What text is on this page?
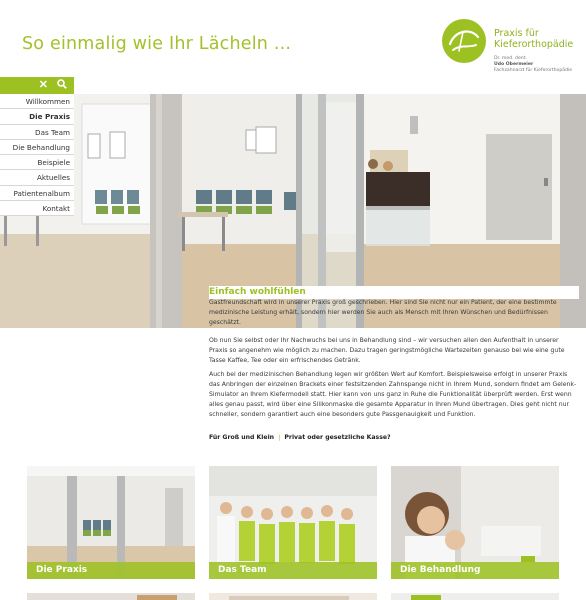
So einmalig wie Ihr Lächeln ...
Praxis für
Kieferorthopädie
Dr. med. dent.
Udo Obermeier
Fachzahnarzt für Kieferorthopädie
✕
Willkommen
Die Praxis
Das Team
Die Behandlung
Beispiele
Aktuelles
Patientenalbum
Kontakt
Einfach wohlfühlen

Gastfreundschaft wird in unserer Praxis groß geschrieben. Hier sind Sie nicht nur ein Patient, der eine bestimmte medizinische Leistung erhält, sondern hier werden Sie auch als Mensch mit Ihren Wünschen und Bedürfnissen geschätzt.

Ob nun Sie selbst oder Ihr Nachwuchs bei uns in Behandlung sind – wir versuchen allen den Aufenthalt in unserer Praxis so angenehm wie möglich zu machen. Dazu tragen geringstmögliche Wartezeiten genauso bei wie eine gute Tasse Kaffee, Tee oder ein erfrischendes Getränk.

Auch bei der medizinischen Behandlung legen wir größten Wert auf Komfort. Beispielsweise erfolgt in unserer Praxis das Anbringen der einzelnen Brackets einer festsitzenden Zahnspange nicht in Ihrem Mund, sondern findet am Gelenk-Simulator an Ihrem Kiefermodell statt. Hier kann von uns ganz in Ruhe die Funktionalität überprüft werden. Erst wenn alles genau passt, wird über eine Silikonmaske die gesamte Apparatur in Ihren Mund übertragen. Dies geht nicht nur schneller, sondern garantiert auch eine besonders gute Passgenauigkeit und Funktion.

Für Groß und Klein | Privat oder gesetzliche Kasse?
Die Praxis	Das Team	Die Behandlung
